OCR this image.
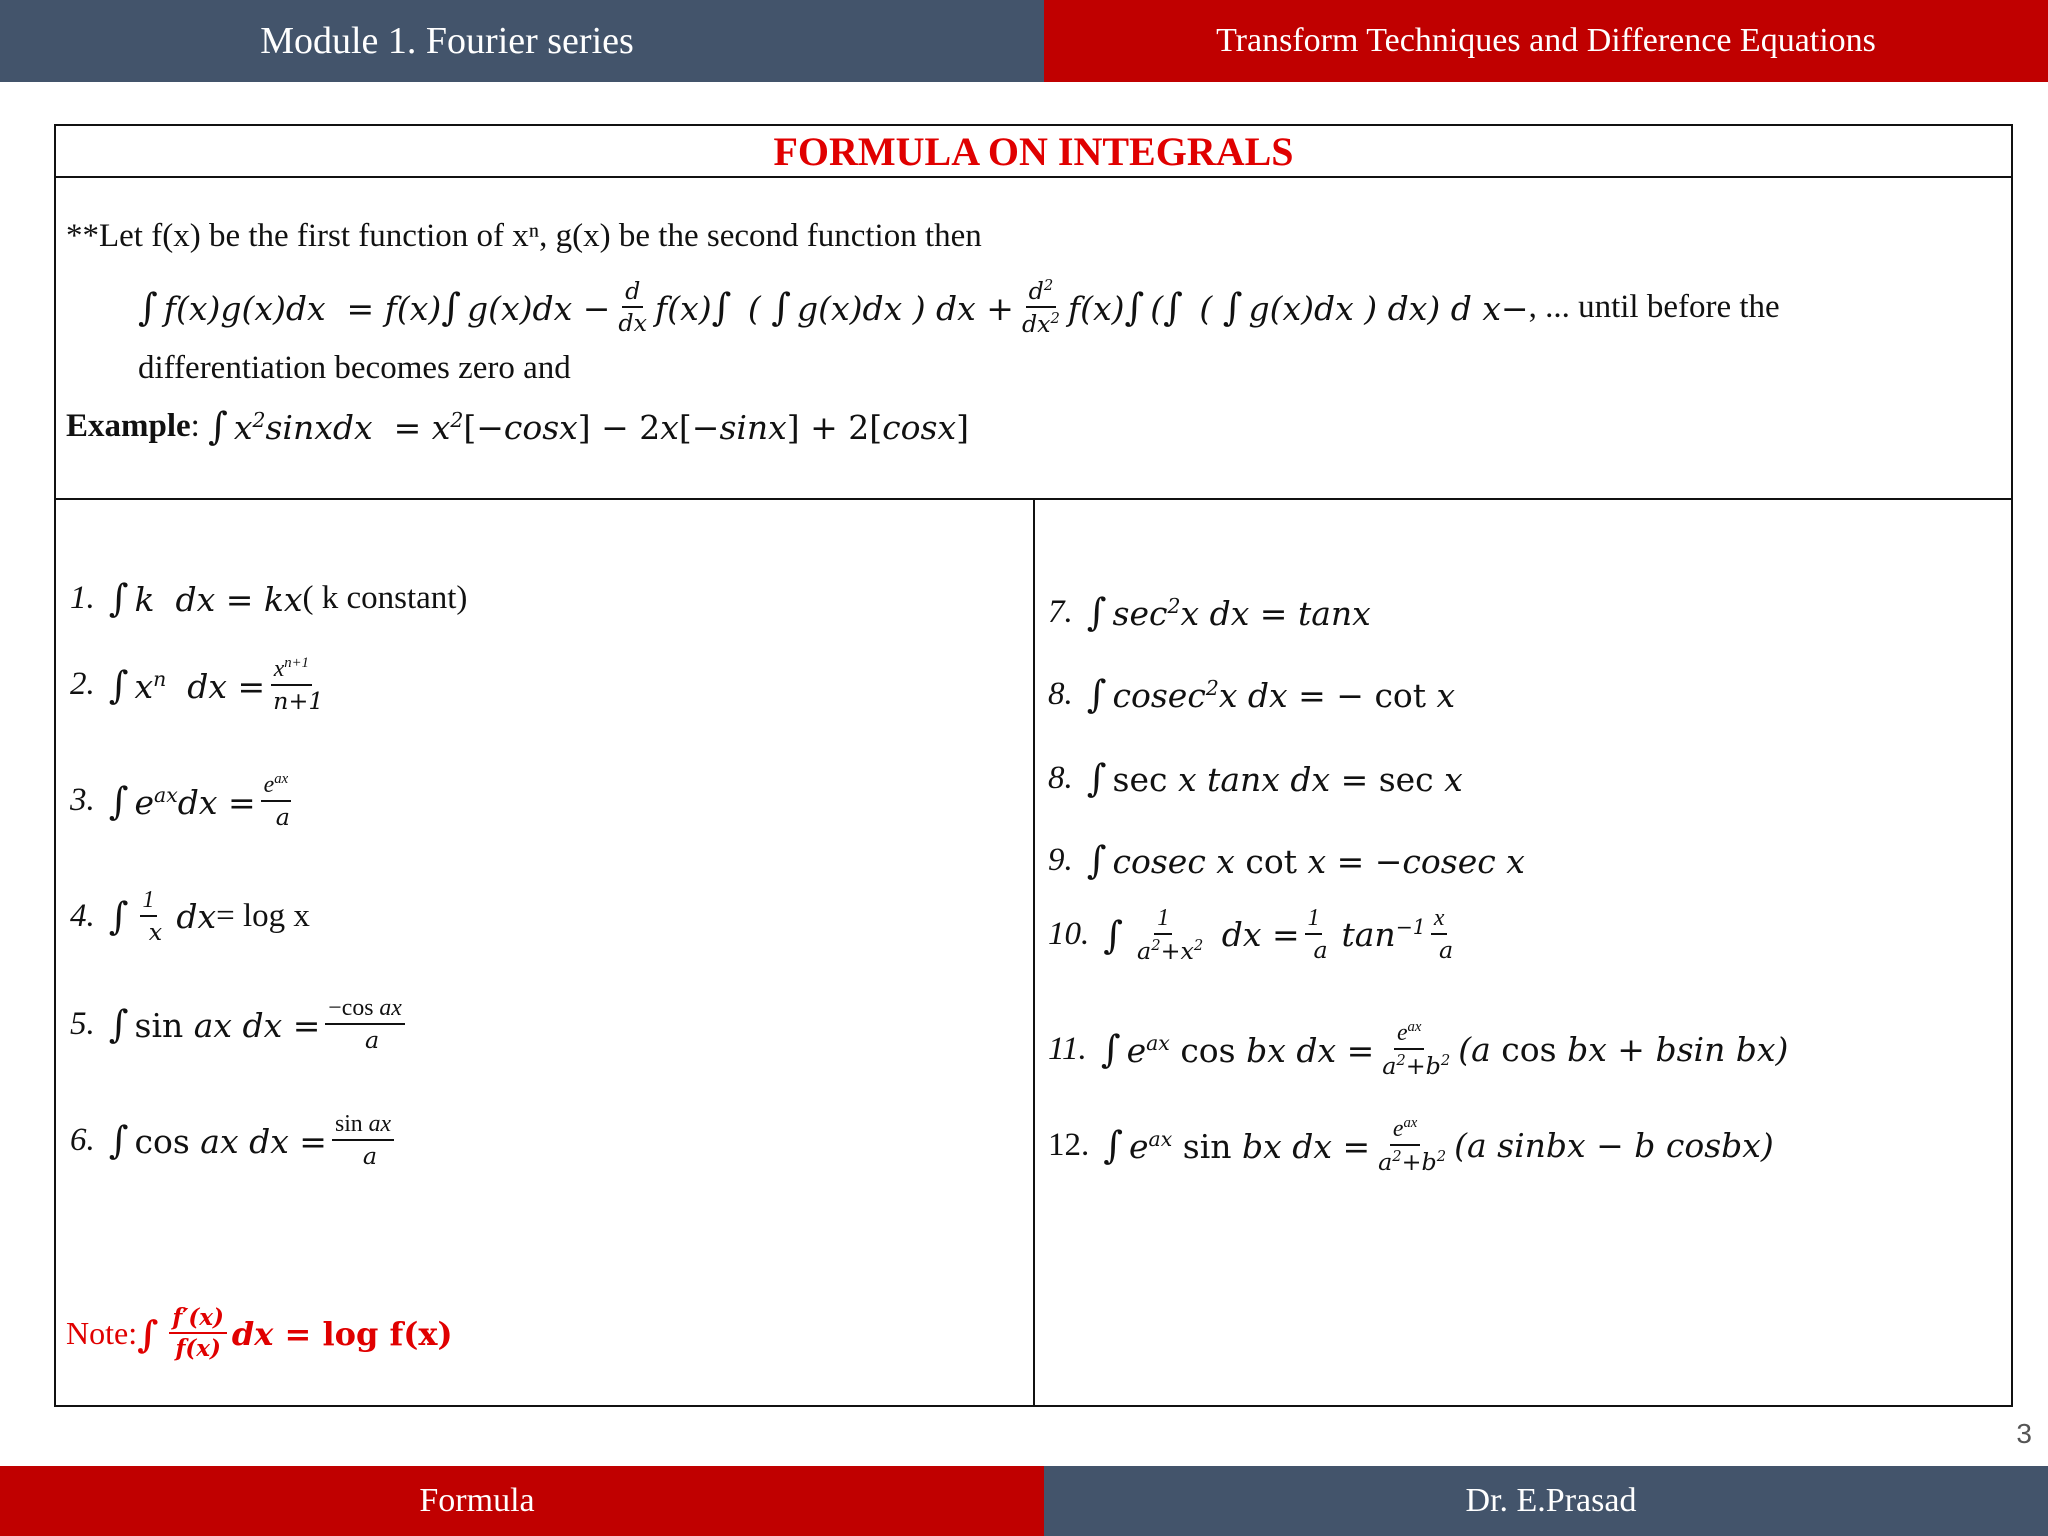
Module 1. Fourier series	Transform Techniques and Difference Equations
FORMULA ON INTEGRALS
**Let f(x) be the first function of xⁿ, g(x) be the second function then
∫ f(x)g(x)dx  = f(x)∫ $g(x)dx - \frac{d}{dx} f(x)\int$ ( ∫ g(x)dx ) dx + $\frac{d^2}{dx^2} f(x)\int$ (∫ ( ∫ g(x)dx ) dx) d x− , ... until before the
differentiation becomes zero and
Example : ∫ $x^2sinxdx = x^2[-\cos x] - 2x[-\sin x] + 2[\cos x]$
1. ∫ k  dx = kx ( k constant)
2. ∫ $x^n$  dx = $\frac{x^{n+1}}{n+1}$
3. ∫ $e^{ax}dx = \frac{e^{ax}}{a}$
4. ∫ $\frac{1}{x}$ dx = log x
5. ∫ sin ax dx = $\frac{\text{−cos ax}}{a}$
6. ∫ cos ax dx = $\frac{\text{sin ax}}{a}$
Note: ∫ $\frac{f'(x)}{f(x)}$ dx = log f(x)
7. ∫ $\sec^2x$ dx = tanx
8. ∫ cosec$^2$x dx = − cot x
8. ∫ sec x tanx dx = sec x
9. ∫ cosec x cot x = −cosec x
10. ∫ $\frac{1}{a^2+x^2}$ dx = $\frac{1}{a} \tan^{-1} \frac{x}{a}$
11. ∫ $e^{ax}$ cos bx dx = $\frac{e^{ax}}{a^2+b^2} (a$ cos bx + bsin bx)
12. ∫ $e^{ax}$ sin bx dx = $\frac{e^{ax}}{a^2+b^2} (a$ sinbx − b cosbx)
3
Formula	Dr. E.Prasad
